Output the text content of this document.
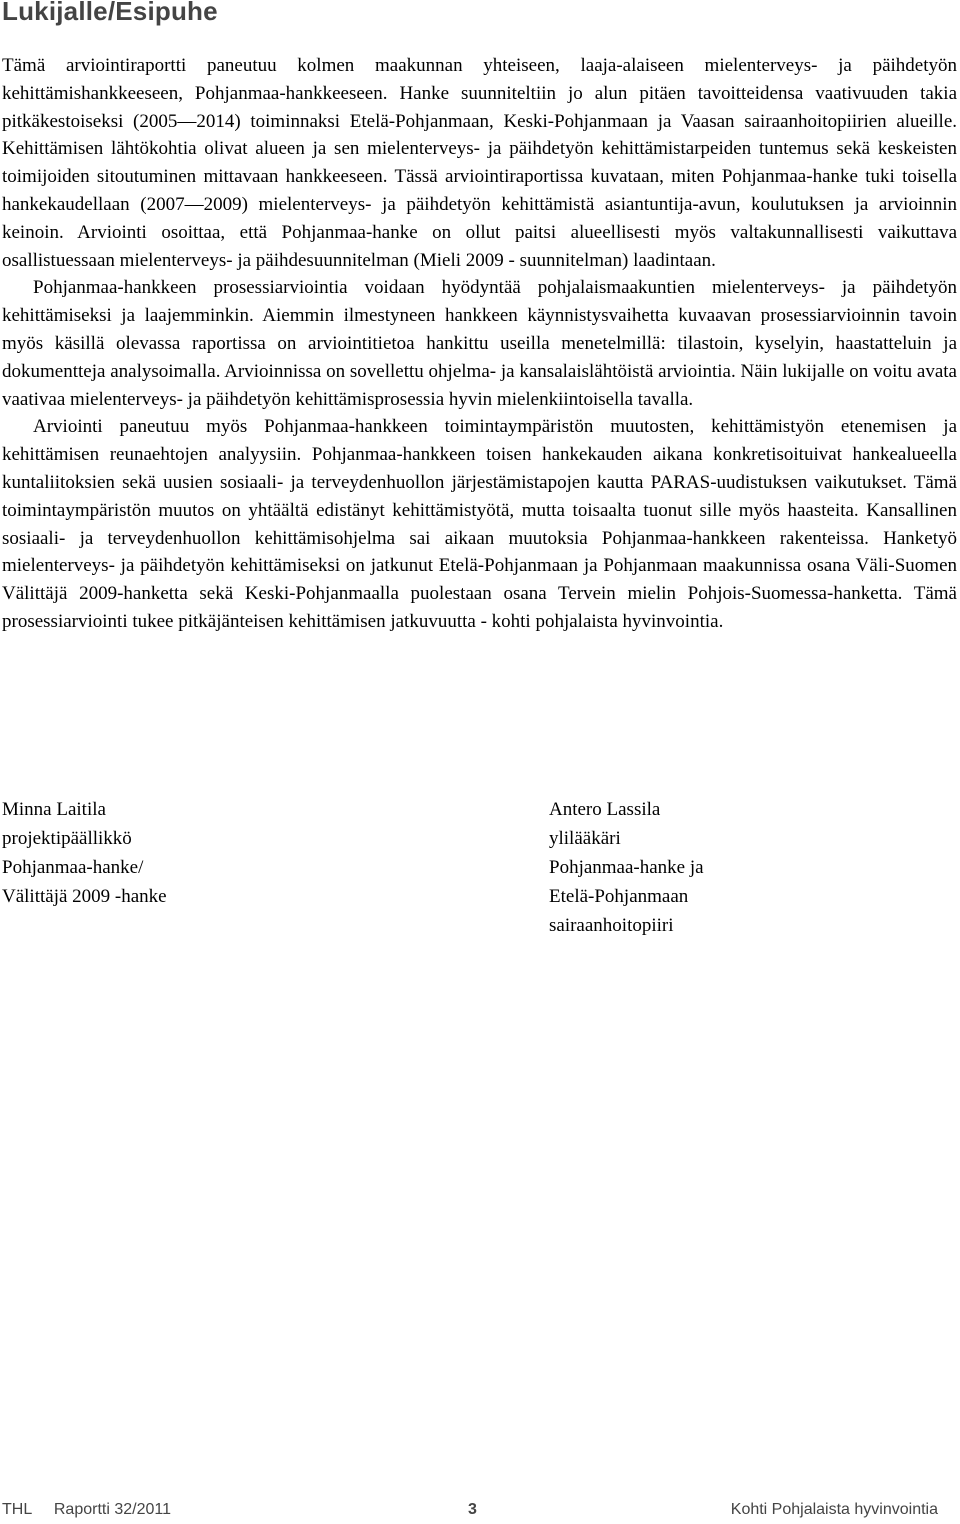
Lukijalle/Esipuhe

Tämä arviointiraportti paneutuu kolmen maakunnan yhteiseen, laaja-alaiseen mielenterveys- ja päihdetyön kehittämishankkeeseen, Pohjanmaa-hankkeeseen. Hanke suunniteltiin jo alun pitäen tavoitteidensa vaativuuden takia pitkäkestoiseksi (2005—2014) toiminnaksi Etelä-Pohjanmaan, Keski-Pohjanmaan ja Vaasan sairaanhoitopiirien alueille. Kehittämisen lähtökohtia olivat alueen ja sen mielenterveys- ja päihdetyön kehittämistarpeiden tuntemus sekä keskeisten toimijoiden sitoutuminen mittavaan hankkeeseen. Tässä arviointiraportissa kuvataan, miten Pohjanmaa-hanke tuki toisella hankekaudellaan (2007—2009) mielenterveys- ja päihdetyön kehittämistä asiantuntija-avun, koulutuksen ja arvioinnin keinoin. Arviointi osoittaa, että Pohjanmaa-hanke on ollut paitsi alueellisesti myös valtakunnallisesti vaikuttava osallistuessaan mielenterveys- ja päihdesuunnitelman (Mieli 2009 - suunnitelman) laadintaan.

Pohjanmaa-hankkeen prosessiarviointia voidaan hyödyntää pohjalaismaakuntien mielenterveys- ja päihdetyön kehittämiseksi ja laajemminkin. Aiemmin ilmestyneen hankkeen käynnistysvaihetta kuvaavan prosessiarvioinnin tavoin myös käsillä olevassa raportissa on arviointitietoa hankittu useilla menetelmillä: tilastoin, kyselyin, haastatteluin ja dokumentteja analysoimalla. Arvioinnissa on sovellettu ohjelma- ja kansalaislähtöistä arviointia. Näin lukijalle on voitu avata vaativaa mielenterveys- ja päihdetyön kehittämisprosessia hyvin mielenkiintoisella tavalla.

Arviointi paneutuu myös Pohjanmaa-hankkeen toimintaympäristön muutosten, kehittämistyön etenemisen ja kehittämisen reunaehtojen analyysiin. Pohjanmaa-hankkeen toisen hankekauden aikana konkretisoituivat hankealueella kuntaliitoksien sekä uusien sosiaali- ja terveydenhuollon järjestämistapojen kautta PARAS-uudistuksen vaikutukset. Tämä toimintaympäristön muutos on yhtäältä edistänyt kehittämistyötä, mutta toisaalta tuonut sille myös haasteita. Kansallinen sosiaali- ja terveydenhuollon kehittämisohjelma sai aikaan muutoksia Pohjanmaa-hankkeen rakenteissa. Hanketyö mielenterveys- ja päihdetyön kehittämiseksi on jatkunut Etelä-Pohjanmaan ja Pohjanmaan maakunnissa osana Väli-Suomen Välittäjä 2009-hanketta sekä Keski-Pohjanmaalla puolestaan osana Tervein mielin Pohjois-Suomessa-hanketta. Tämä prosessiarviointi tukee pitkäjänteisen kehittämisen jatkuvuutta - kohti pohjalaista hyvinvointia.

Minna Laitila
projektipäällikkö
Pohjanmaa-hanke/
Välittäjä 2009 -hanke
Antero Lassila
ylilääkäri
Pohjanmaa-hanke ja
Etelä-Pohjanmaan
sairaanhoitopiiri
THL Raportti 32/2011	3	Kohti Pohjalaista hyvinvointia
